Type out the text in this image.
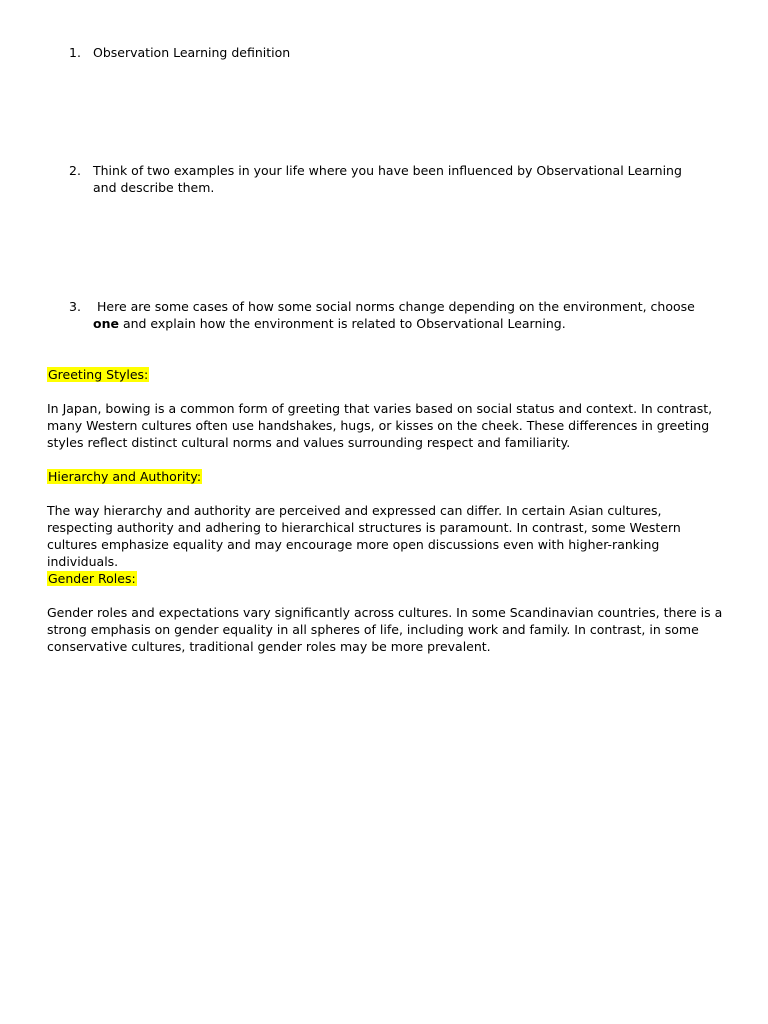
1. Observation Learning definition
2. Think of two examples in your life where you have been influenced by Observational Learning and describe them.
3.	Here are some cases of how some social norms change depending on the environment, choose one and explain how the environment is related to Observational Learning.
Greeting Styles:
In Japan, bowing is a common form of greeting that varies based on social status and context. In contrast, many Western cultures often use handshakes, hugs, or kisses on the cheek. These differences in greeting styles reflect distinct cultural norms and values surrounding respect and familiarity.
Hierarchy and Authority:
The way hierarchy and authority are perceived and expressed can differ. In certain Asian cultures, respecting authority and adhering to hierarchical structures is paramount. In contrast, some Western cultures emphasize equality and may encourage more open discussions even with higher-ranking individuals.
Gender Roles:
Gender roles and expectations vary significantly across cultures. In some Scandinavian countries, there is a strong emphasis on gender equality in all spheres of life, including work and family. In contrast, in some conservative cultures, traditional gender roles may be more prevalent.
